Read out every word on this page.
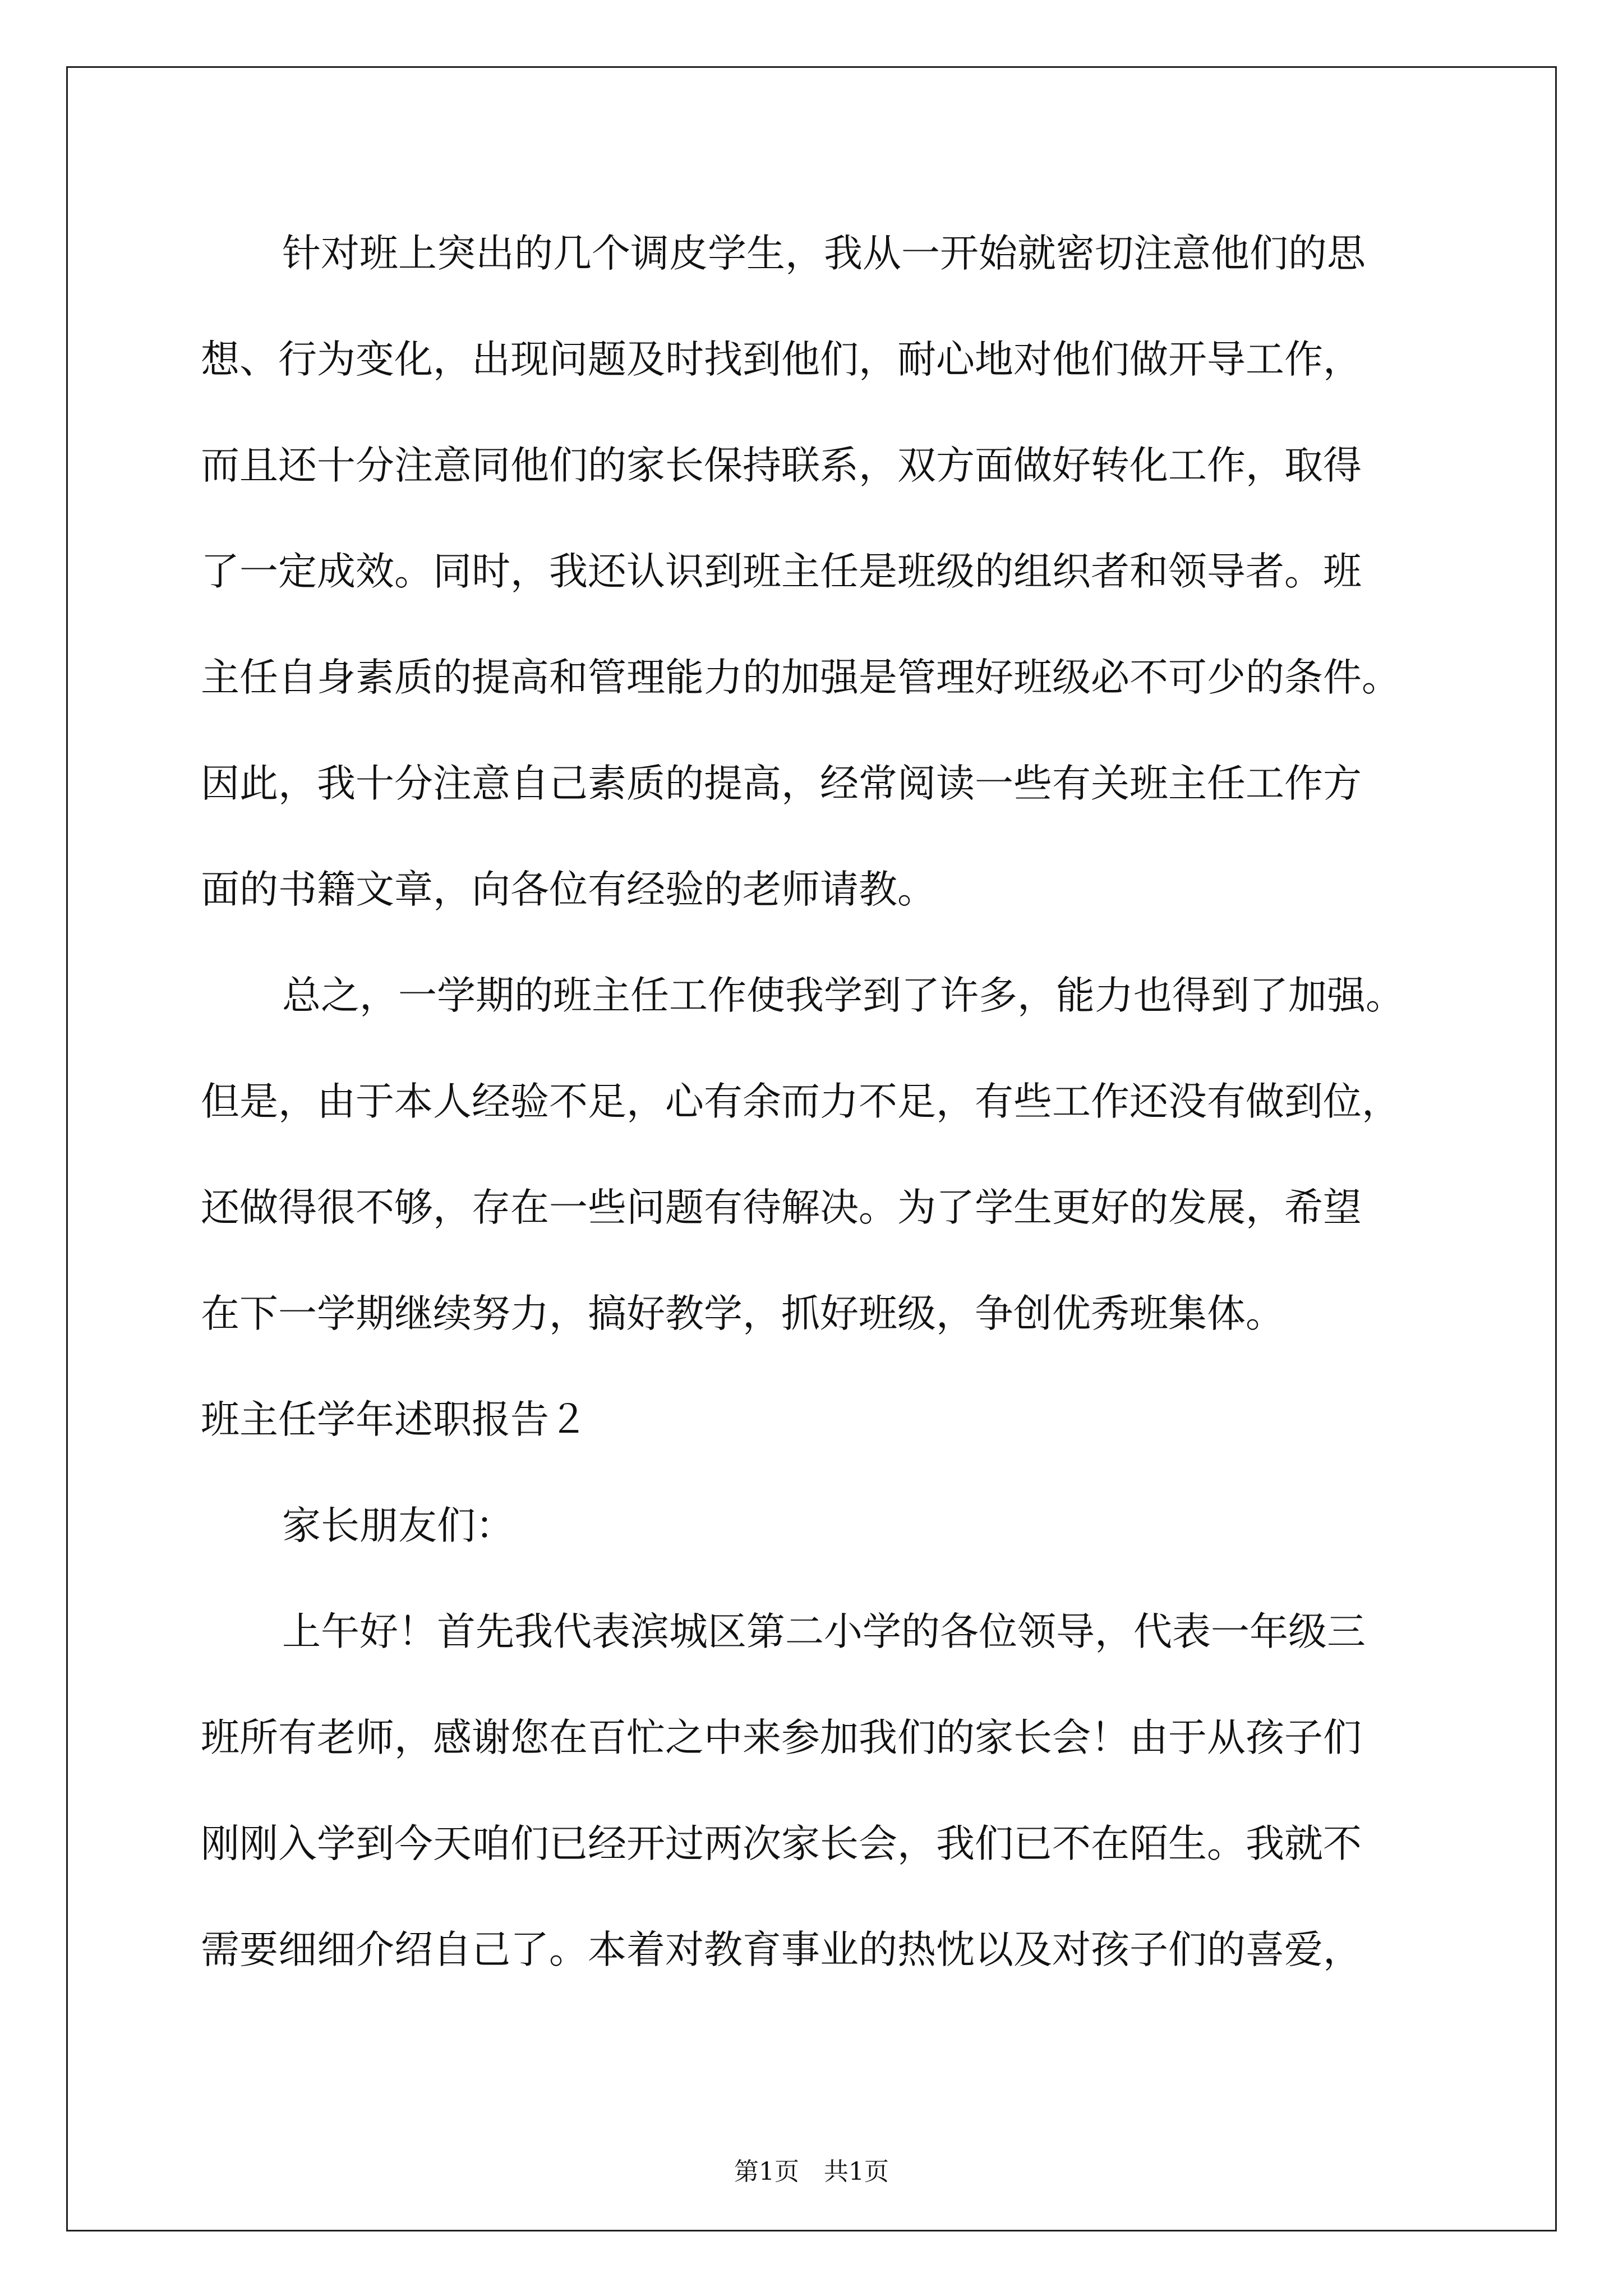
针对班上突出的几个调皮学生，我从一开始就密切注意他们的思
想、行为变化，出现问题及时找到他们，耐心地对他们做开导工作，
而且还十分注意同他们的家长保持联系，双方面做好转化工作，取得
了一定成效。同时，我还认识到班主任是班级的组织者和领导者。班
主任自身素质的提高和管理能力的加强是管理好班级必不可少的条件。
因此，我十分注意自己素质的提高，经常阅读一些有关班主任工作方
面的书籍文章，向各位有经验的老师请教。
总之，一学期的班主任工作使我学到了许多，能力也得到了加强。
但是，由于本人经验不足，心有余而力不足，有些工作还没有做到位，
还做得很不够，存在一些问题有待解决。为了学生更好的发展，希望
在下一学期继续努力，搞好教学，抓好班级，争创优秀班集体。
班主任学年述职报告２
家长朋友们：
上午好！首先我代表滨城区第二小学的各位领导，代表一年级三
班所有老师，感谢您在百忙之中来参加我们的家长会！由于从孩子们
刚刚入学到今天咱们已经开过两次家长会，我们已不在陌生。我就不
需要细细介绍自己了。本着对教育事业的热忱以及对孩子们的喜爱，
第1页　共1页
